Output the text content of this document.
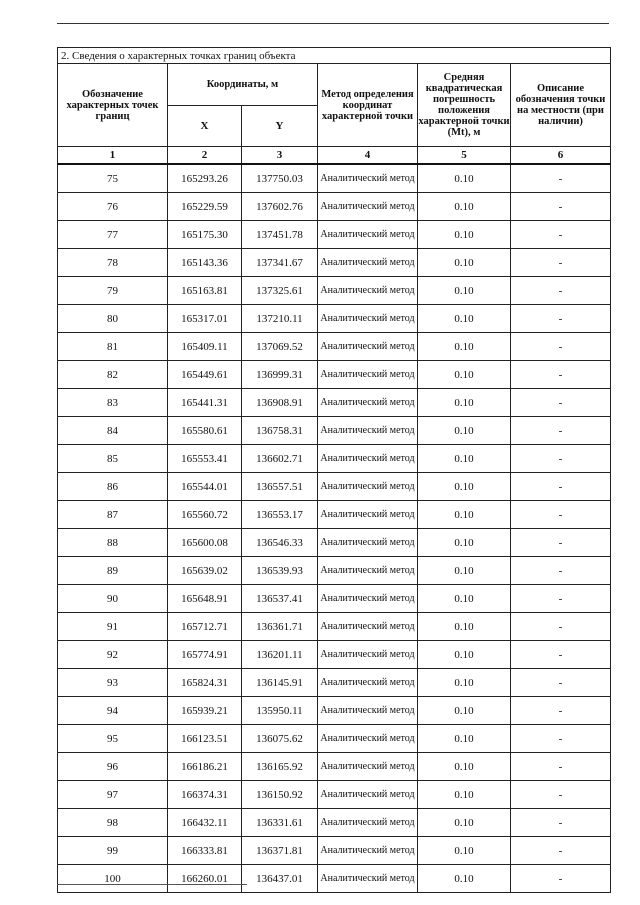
2. Сведения о характерных точках границ объекта					
Обозначение характерных точек границ	Координаты, м		Метод определения координат характерной точки	Средняя квадратическая погрешность положения характерной точки (Mt), м	Описание обозначения точки на местности (при наличии)
	X	Y			
1	2	3	4	5	6
75	165293.26	137750.03	Аналитический метод	0.10	-
76	165229.59	137602.76	Аналитический метод	0.10	-
77	165175.30	137451.78	Аналитический метод	0.10	-
78	165143.36	137341.67	Аналитический метод	0.10	-
79	165163.81	137325.61	Аналитический метод	0.10	-
80	165317.01	137210.11	Аналитический метод	0.10	-
81	165409.11	137069.52	Аналитический метод	0.10	-
82	165449.61	136999.31	Аналитический метод	0.10	-
83	165441.31	136908.91	Аналитический метод	0.10	-
84	165580.61	136758.31	Аналитический метод	0.10	-
85	165553.41	136602.71	Аналитический метод	0.10	-
86	165544.01	136557.51	Аналитический метод	0.10	-
87	165560.72	136553.17	Аналитический метод	0.10	-
88	165600.08	136546.33	Аналитический метод	0.10	-
89	165639.02	136539.93	Аналитический метод	0.10	-
90	165648.91	136537.41	Аналитический метод	0.10	-
91	165712.71	136361.71	Аналитический метод	0.10	-
92	165774.91	136201.11	Аналитический метод	0.10	-
93	165824.31	136145.91	Аналитический метод	0.10	-
94	165939.21	135950.11	Аналитический метод	0.10	-
95	166123.51	136075.62	Аналитический метод	0.10	-
96	166186.21	136165.92	Аналитический метод	0.10	-
97	166374.31	136150.92	Аналитический метод	0.10	-
98	166432.11	136331.61	Аналитический метод	0.10	-
99	166333.81	136371.81	Аналитический метод	0.10	-
100	166260.01	136437.01	Аналитический метод	0.10	-
